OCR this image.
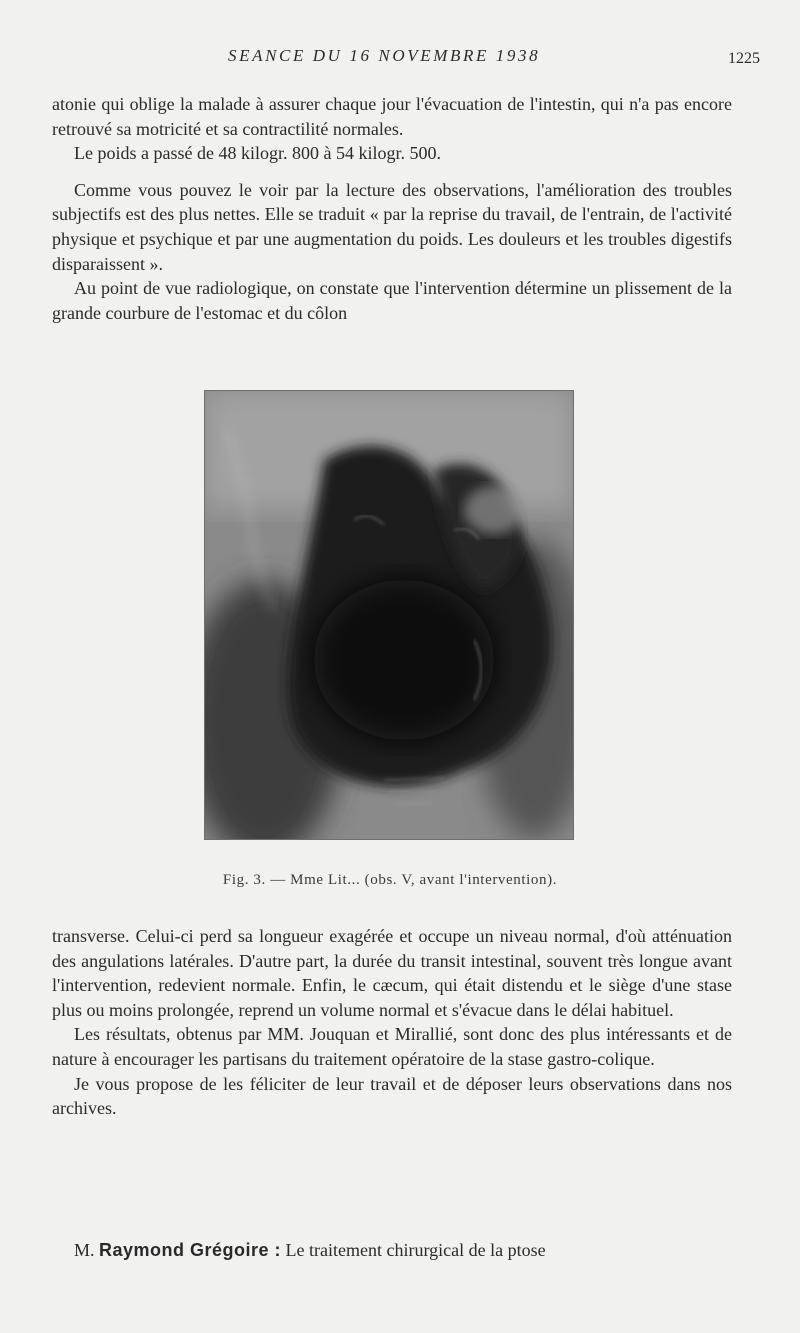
SEANCE DU 16 NOVEMBRE 1938	1225

atonie qui oblige la malade à assurer chaque jour l'évacuation de l'intestin, qui n'a pas encore retrouvé sa motricité et sa contractilité normales.

Le poids a passé de 48 kilogr. 800 à 54 kilogr. 500.

Comme vous pouvez le voir par la lecture des observations, l'amélioration des troubles subjectifs est des plus nettes. Elle se traduit « par la reprise du travail, de l'entrain, de l'activité physique et psychique et par une augmentation du poids. Les douleurs et les troubles digestifs disparaissent ».

Au point de vue radiologique, on constate que l'intervention détermine un plissement de la grande courbure de l'estomac et du côlon

Fig. 3. — Mme Lit... (obs. V, avant l'intervention).

transverse. Celui-ci perd sa longueur exagérée et occupe un niveau normal, d'où atténuation des angulations latérales. D'autre part, la durée du transit intestinal, souvent très longue avant l'intervention, redevient normale. Enfin, le cæcum, qui était distendu et le siège d'une stase plus ou moins prolongée, reprend un volume normal et s'évacue dans le délai habituel.

Les résultats, obtenus par MM. Jouquan et Mirallié, sont donc des plus intéressants et de nature à encourager les partisans du traitement opératoire de la stase gastro-colique.

Je vous propose de les féliciter de leur travail et de déposer leurs observations dans nos archives.

M. Raymond Grégoire : Le traitement chirurgical de la ptose
